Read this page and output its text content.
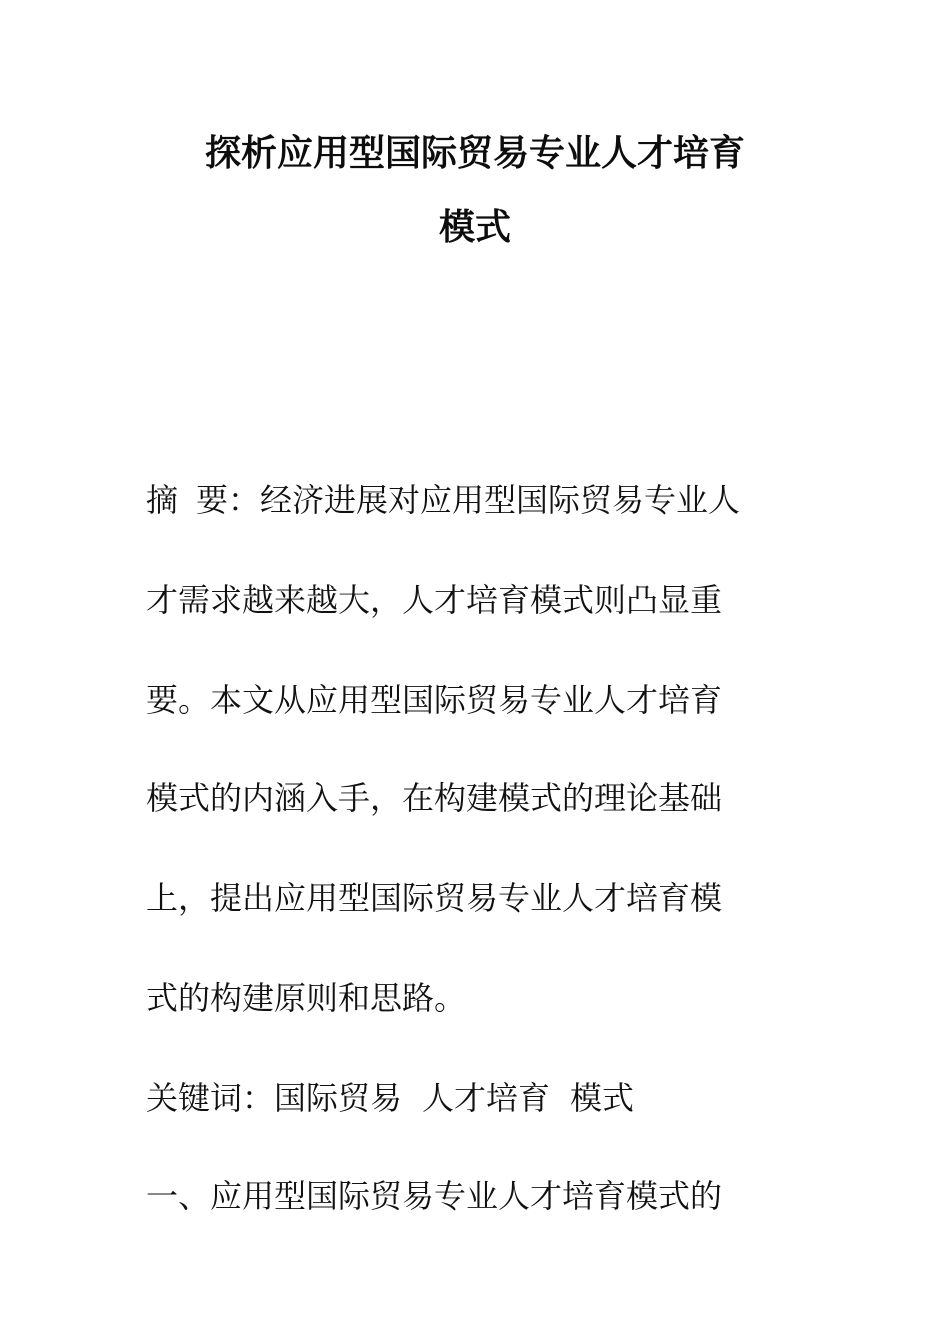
探析应用型国际贸易专业人才培育
模式
摘 要：经济进展对应用型国际贸易专业人
才需求越来越大，人才培育模式则凸显重
要。本文从应用型国际贸易专业人才培育
模式的内涵入手，在构建模式的理论基础
上，提出应用型国际贸易专业人才培育模
式的构建原则和思路。
关键词：国际贸易 人才培育 模式
一、应用型国际贸易专业人才培育模式的
